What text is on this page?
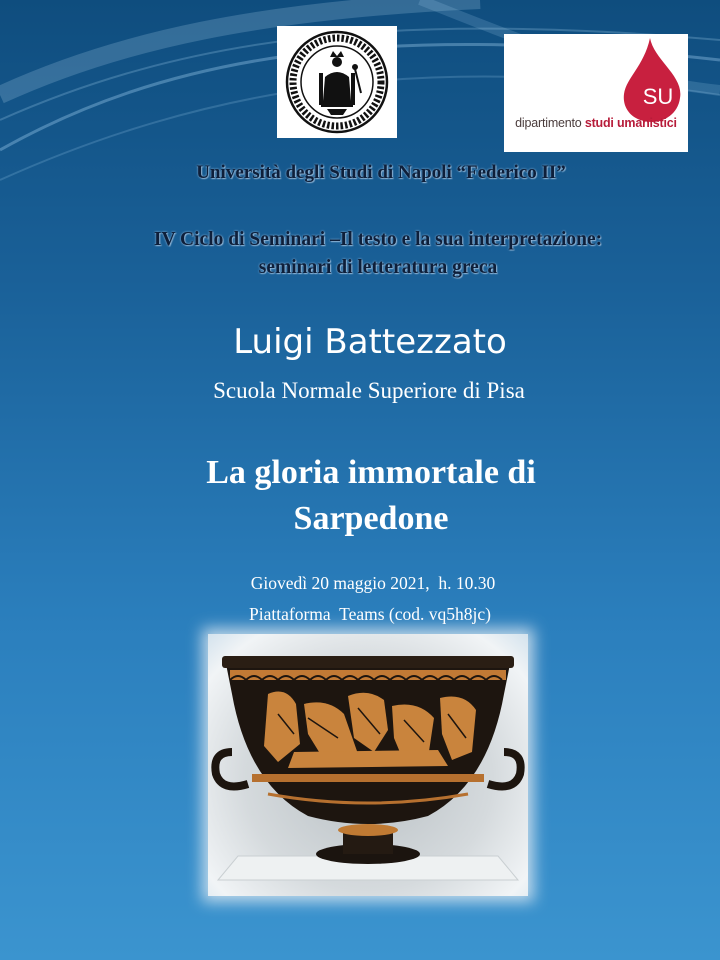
SU
dipartimento studi umanistici
Università degli Studi di Napoli “Federico II”
IV Ciclo di Seminari –Il testo e la sua interpretazione:
seminari di letteratura greca
Luigi Battezzato
Scuola Normale Superiore di Pisa
La gloria immortale di
Sarpedone
Giovedì 20 maggio 2021,  h. 10.30
Piattaforma  Teams (cod. vq5h8jc)
